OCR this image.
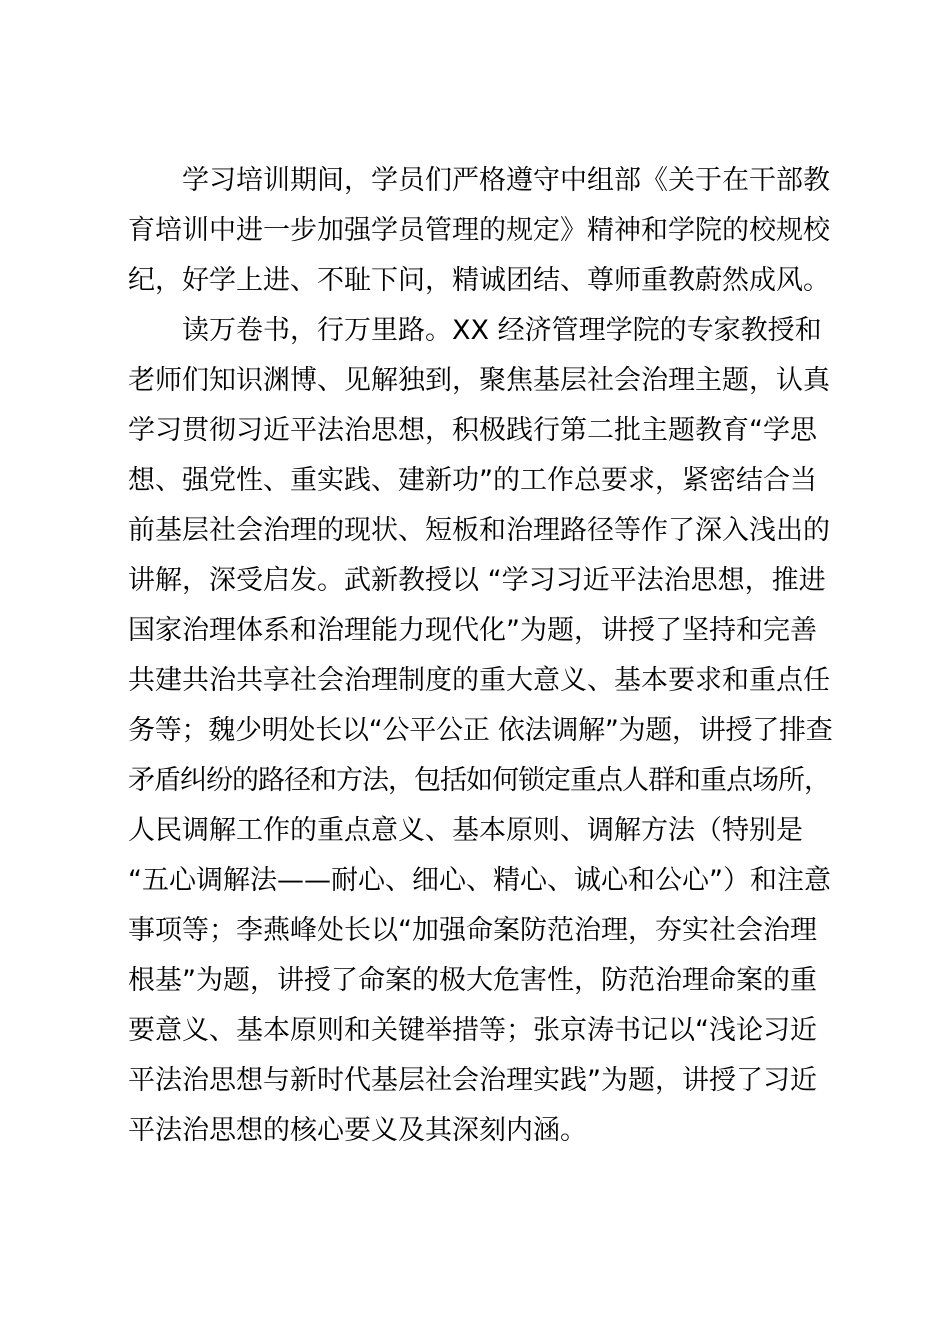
学习培训期间，学员们严格遵守中组部《关于在干部教
育培训中进一步加强学员管理的规定》精神和学院的校规校
纪，好学上进、不耻下问，精诚团结、尊师重教蔚然成风。
读万卷书，行万里路。XX 经济管理学院的专家教授和
老师们知识渊博、见解独到，聚焦基层社会治理主题，认真
学习贯彻习近平法治思想，积极践行第二批主题教育“学思
想、强党性、重实践、建新功”的工作总要求，紧密结合当
前基层社会治理的现状、短板和治理路径等作了深入浅出的
讲解，深受启发。武新教授以 “学习习近平法治思想，推进
国家治理体系和治理能力现代化”为题，讲授了坚持和完善
共建共治共享社会治理制度的重大意义、基本要求和重点任
务等；魏少明处长以“公平公正 依法调解”为题，讲授了排查
矛盾纠纷的路径和方法，包括如何锁定重点人群和重点场所，
人民调解工作的重点意义、基本原则、调解方法（特别是
“五心调解法——耐心、细心、精心、诚心和公心”）和注意
事项等；李燕峰处长以“加强命案防范治理，夯实社会治理
根基”为题，讲授了命案的极大危害性，防范治理命案的重
要意义、基本原则和关键举措等；张京涛书记以“浅论习近
平法治思想与新时代基层社会治理实践”为题，讲授了习近
平法治思想的核心要义及其深刻内涵。
